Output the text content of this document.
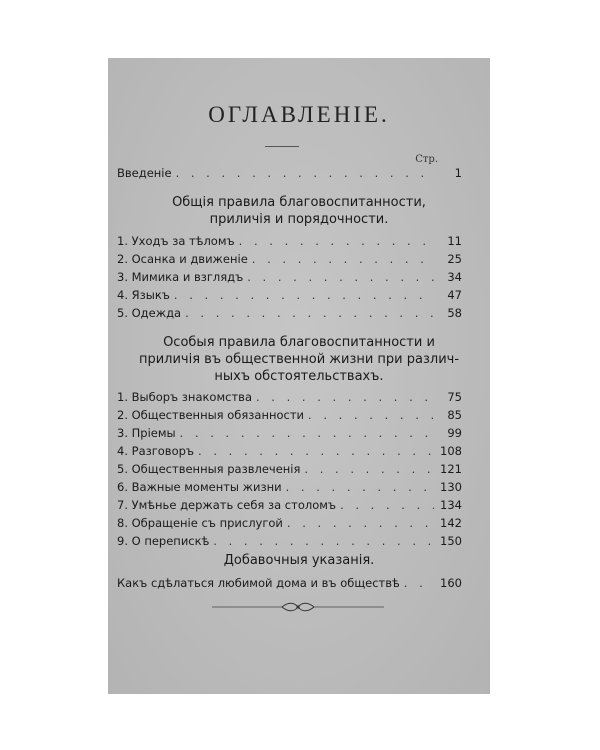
ОГЛАВЛЕНІЕ.
Стр.
Введеніе . . .	1
Общія правила благовоспитанности,
приличія и порядочности.
1. Уходъ за тѣломъ . . .	11
2. Осанка и движеніе . . .	25
3. Мимика и взглядъ . . .	34
4. Языкъ . . .	47
5. Одежда . . .	58
Особыя правила благовоспитанности и
приличія въ общественной жизни при различ-
ныхъ обстоятельствахъ.
1. Выборъ знакомства . . .	75
2. Общественныя обязанности . . .	85
3. Пріемы . . .	99
4. Разговоръ . . .	108
5. Общественныя развлеченія . . .	121
6. Важные моменты жизни . . .	130
7. Умѣнье держать себя за столомъ . . .	134
8. Обращеніе съ прислугой . . .	142
9. О перепискѣ . . .	150
Добавочныя указанія.
Какъ сдѣлаться любимой дома и въ обществѣ . . .	160
